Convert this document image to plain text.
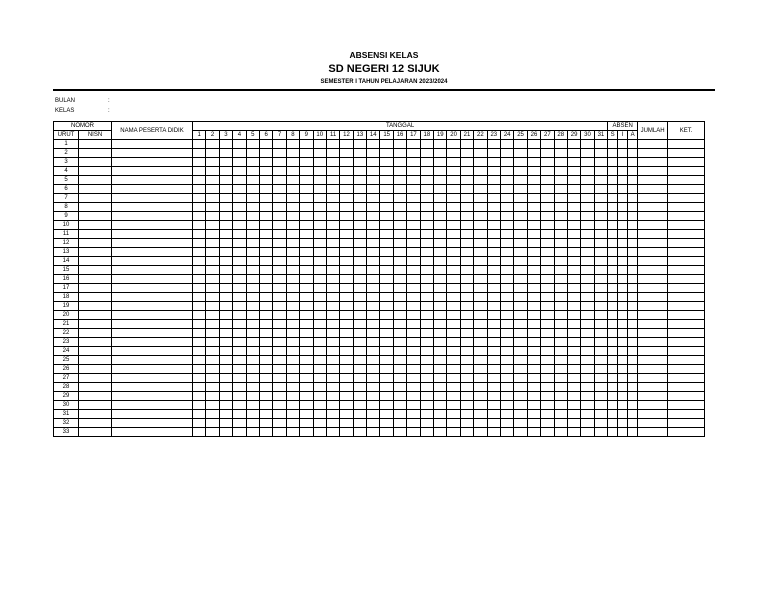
ABSENSI KELAS
SD NEGERI 12 SIJUK
SEMESTER I TAHUN PELAJARAN 2023/2024
BULAN	:
KELAS	:
NOMOR		NAMA PESERTA DIDIK	TANGGAL																															ABSEN			JUMLAH	KET.
URUT	NISN		1	2	3	4	5	6	7	8	9	10	11	12	13	14	15	16	17	18	19	20	21	22	23	24	25	26	27	28	29	30	31	S	I	A		
1																																						
2																																						
3																																						
4																																						
5																																						
6																																						
7																																						
8																																						
9																																						
10																																						
11																																						
12																																						
13																																						
14																																						
15																																						
16																																						
17																																						
18																																						
19																																						
20																																						
21																																						
22																																						
23																																						
24																																						
25																																						
26																																						
27																																						
28																																						
29																																						
30																																						
31																																						
32																																						
33																																						
